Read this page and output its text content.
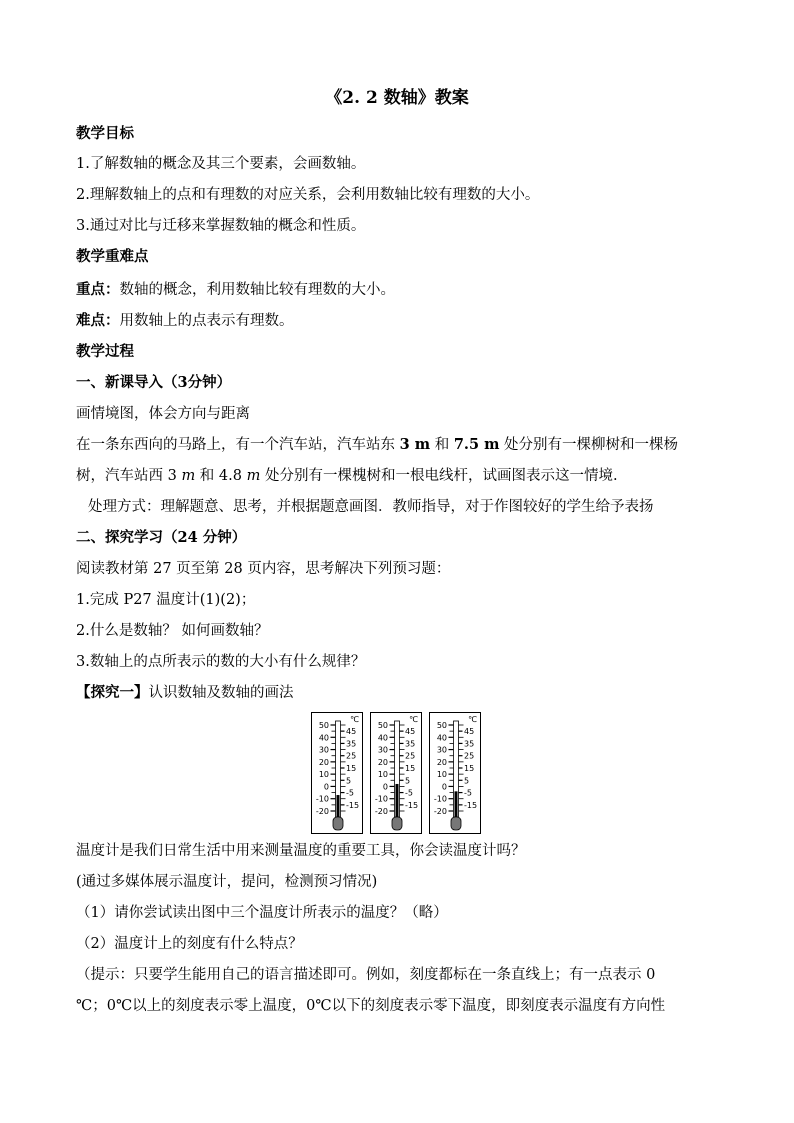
《2. 2 数轴》教案
教学目标
1.了解数轴的概念及其三个要素，会画数轴。
2.理解数轴上的点和有理数的对应关系，会利用数轴比较有理数的大小。
3.通过对比与迁移来掌握数轴的概念和性质。
教学重难点
重点：数轴的概念，利用数轴比较有理数的大小。
难点：用数轴上的点表示有理数。
教学过程
一、新课导入（3分钟）
画情境图，体会方向与距离
在一条东西向的马路上，有一个汽车站，汽车站东 3 m 和 7.5 m 处分别有一棵柳树和一棵杨
树，汽车站西 3 m 和 4.8 m 处分别有一棵槐树和一根电线杆，试画图表示这一情境.
处理方式：理解题意、思考，并根据题意画图．教师指导，对于作图较好的学生给予表扬
二、探究学习（24 分钟）
阅读教材第 27 页至第 28 页内容，思考解决下列预习题：
1.完成 P27 温度计(1)(2)；
2.什么是数轴？ 如何画数轴？
3.数轴上的点所表示的数的大小有什么规律？
【探究一】认识数轴及数轴的画法
℃
50
40
30
20
10
0
-10
-20
45
35
25
15
5
-5
-15
℃
50
40
30
20
10
0
-10
-20
45
35
25
15
5
-5
-15
℃
50
40
30
20
10
0
-10
-20
45
35
25
15
5
-5
-15
温度计是我们日常生活中用来测量温度的重要工具，你会读温度计吗？
(通过多媒体展示温度计，提问，检测预习情况)
（1）请你尝试读出图中三个温度计所表示的温度？（略）
（2）温度计上的刻度有什么特点？
（提示：只要学生能用自己的语言描述即可。例如，刻度都标在一条直线上；有一点表示 0
℃；0℃以上的刻度表示零上温度，0℃以下的刻度表示零下温度，即刻度表示温度有方向性
